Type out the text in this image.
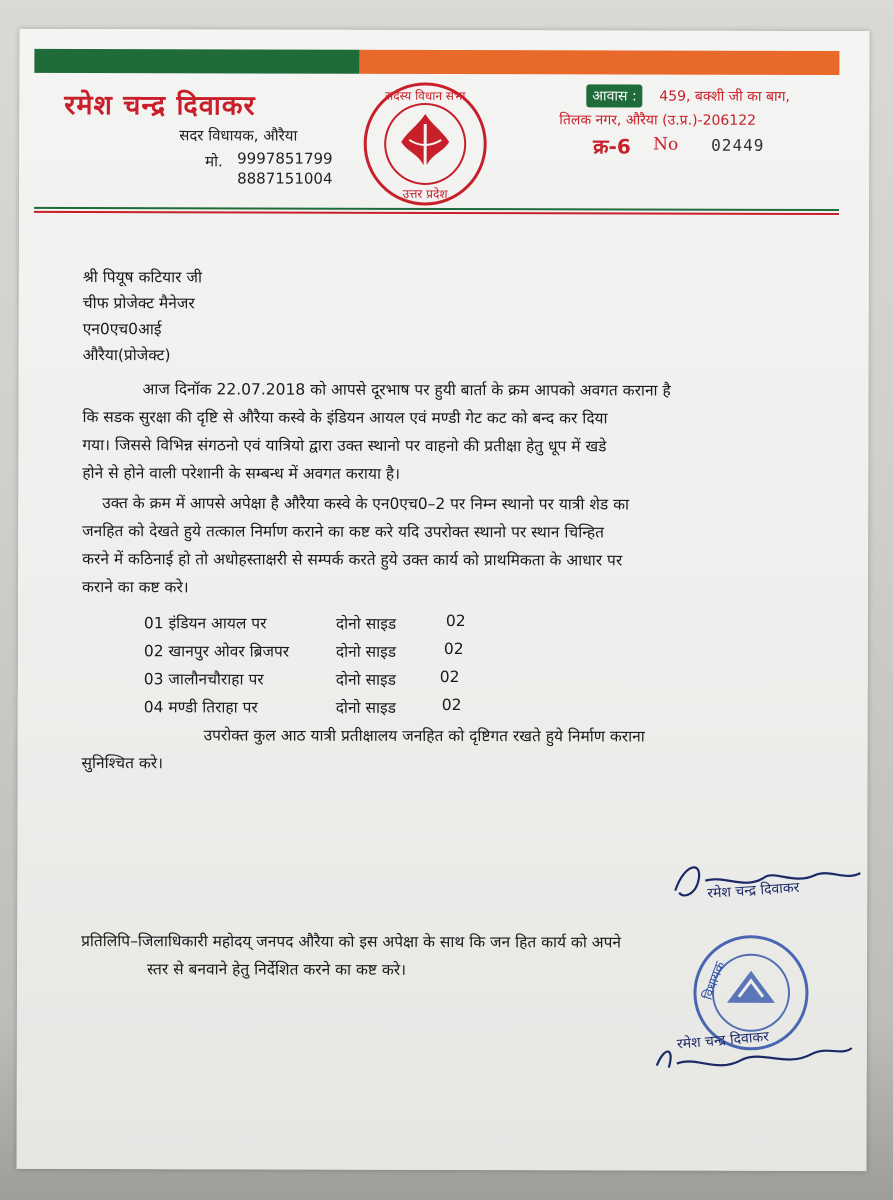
रमेश चन्द्र दिवाकर
सदर विधायक, औरैया
मो. 9997851799
8887151004
सदस्य विधान सभा
उत्तर प्रदेश
आवास :	459, बक्शी जी का बाग,
तिलक नगर, औरैया (उ.प्र.)-206122
क्र-6 No 02449
श्री पियूष कटियार जी
चीफ प्रोजेक्ट मैनेजर
एन0एच0आई
औरैया(प्रोजेक्ट)
आज दिनॉक 22.07.2018 को आपसे दूरभाष पर हुयी बार्ता के क्रम आपको अवगत कराना है
कि सडक सुरक्षा की दृष्टि से औरैया कस्वे के इंडियन आयल एवं मण्डी गेट कट को बन्द कर दिया
गया। जिससे विभिन्न संगठनो एवं यात्रियो द्वारा उक्त स्थानो पर वाहनो की प्रतीक्षा हेतु धूप में खडे
होने से होने वाली परेशानी के सम्बन्ध में अवगत कराया है।
उक्त के क्रम में आपसे अपेक्षा है औरैया कस्वे के एन0एच0–2 पर निम्न स्थानो पर यात्री शेड का
जनहित को देखते हुये तत्काल निर्माण कराने का कष्ट करे यदि उपरोक्त स्थानो पर स्थान चिन्हित
करने में कठिनाई हो तो अधोहस्ताक्षरी से सम्पर्क करते हुये उक्त कार्य को प्राथमिकता के आधार पर
कराने का कष्ट करे।
01 इंडियन आयल पर	दोनो साइड	02
02 खानपुर ओवर ब्रिजपर	दोनो साइड	02
03 जालौनचौराहा पर	दोनो साइड	02
04 मण्डी तिराहा पर	दोनो साइड	02
उपरोक्त कुल आठ यात्री प्रतीक्षालय जनहित को दृष्टिगत रखते हुये निर्माण कराना
सुनिश्चित करे।
रमेश चन्द्र दिवाकर
प्रतिलिपि–जिलाधिकारी महोदय् जनपद औरैया को इस अपेक्षा के साथ कि जन हित कार्य को अपने
स्तर से बनवाने हेतु निर्देशित करने का कष्ट करे।	विधायक
रमेश चन्द्र दिवाकर
